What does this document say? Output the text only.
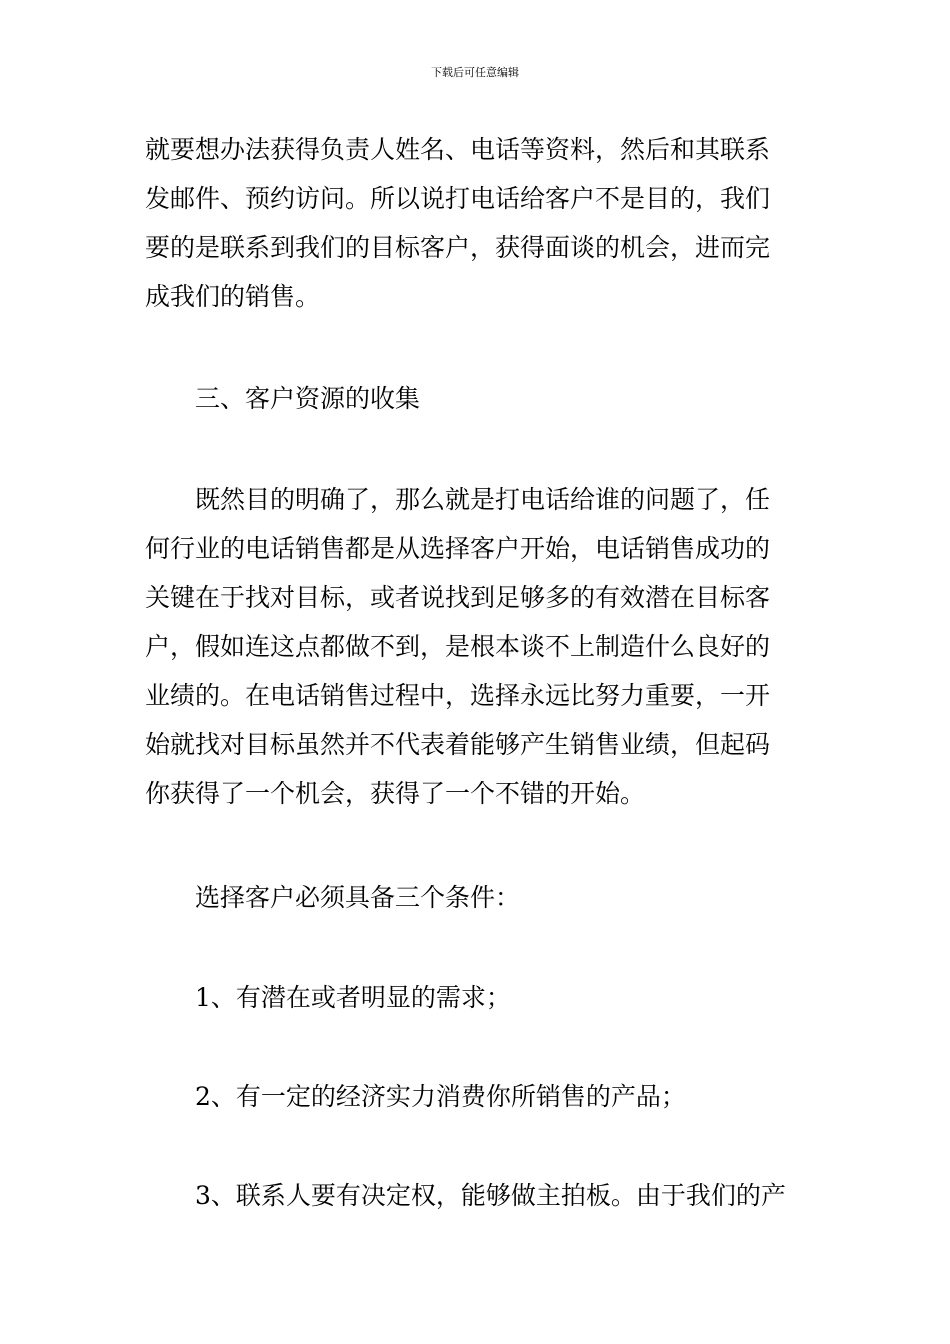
下载后可任意编辑
就要想办法获得负责人姓名、电话等资料，然后和其联系
发邮件、预约访问。所以说打电话给客户不是目的，我们
要的是联系到我们的目标客户，获得面谈的机会，进而完
成我们的销售。
　　三、客户资源的收集
　　既然目的明确了，那么就是打电话给谁的问题了，任
何行业的电话销售都是从选择客户开始，电话销售成功的
关键在于找对目标，或者说找到足够多的有效潜在目标客
户，假如连这点都做不到，是根本谈不上制造什么良好的
业绩的。在电话销售过程中，选择永远比努力重要，一开
始就找对目标虽然并不代表着能够产生销售业绩，但起码
你获得了一个机会，获得了一个不错的开始。
　　选择客户必须具备三个条件：
　　1、有潜在或者明显的需求；
　　2、有一定的经济实力消费你所销售的产品；
　　3、联系人要有决定权，能够做主拍板。由于我们的产
